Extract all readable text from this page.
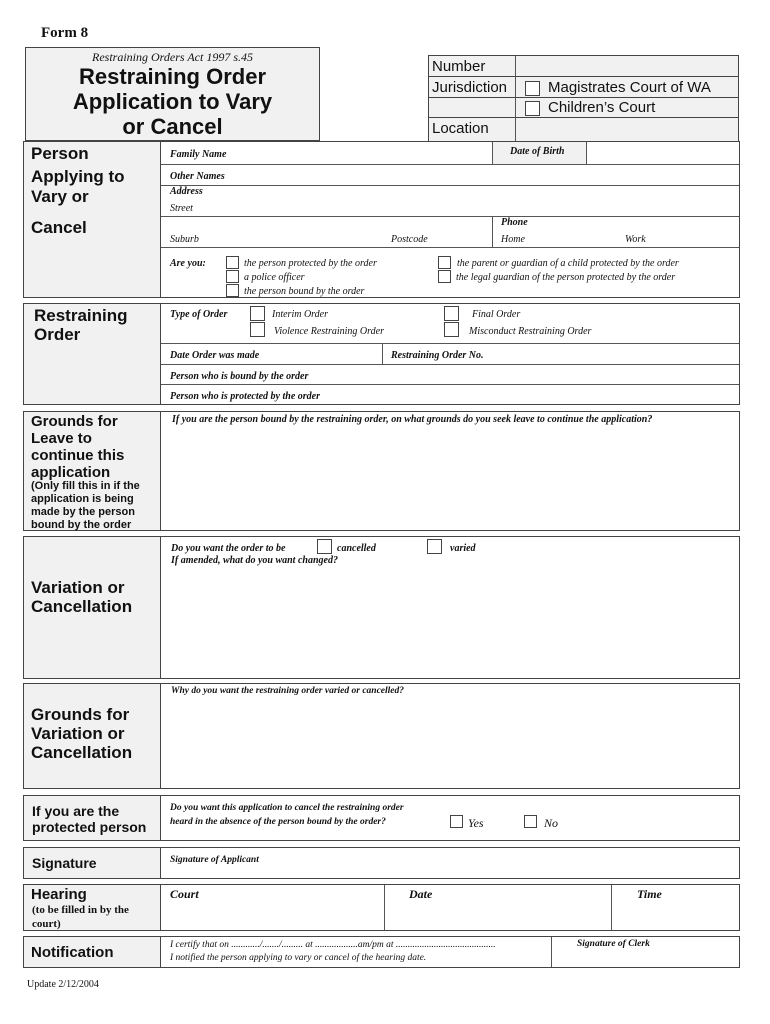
Form 8
Restraining Orders Act 1997 s.45
Restraining Order
Application to Vary
or Cancel
Number
Jurisdiction	Magistrates Court of WA
Children’s Court
Location
Person
Applying to
Vary or
Cancel
Family Name	Date of Birth
Other Names
Address
Street
Suburb	Postcode
Phone
Home	Work
Are you:	the person protected by the order
a police officer
the person bound by the order
the parent or guardian of a child protected by the order
the legal guardian of the person protected by the order
Restraining
Order
Type of Order	Interim Order
Violence Restraining Order
Final Order
Misconduct Restraining Order
Date Order was made	Restraining Order No.
Person who is bound by the order
Person who is protected by the order
Grounds for
Leave to
continue this
application
(Only fill this in if the
application is being
made by the person
bound by the order
If you are the person bound by the restraining order, on what grounds do you seek leave to continue the application?
Variation or
Cancellation
Do you want the order to be	cancelled	varied
If amended, what do you want changed?
Grounds for
Variation or
Cancellation
Why do you want the restraining order varied or cancelled?
If you are the
protected person
Do you want this application to cancel the restraining order
heard in the absence of the person bound by the order?	Yes	No
Signature	Signature of Applicant
Hearing
(to be filled in by the
court)
Court	Date	Time
Notification	I certify that on ............/......./......... at ..................am/pm at ..........................................
I notified the person applying to vary or cancel of the hearing date.
Signature of Clerk
Update 2/12/2004
